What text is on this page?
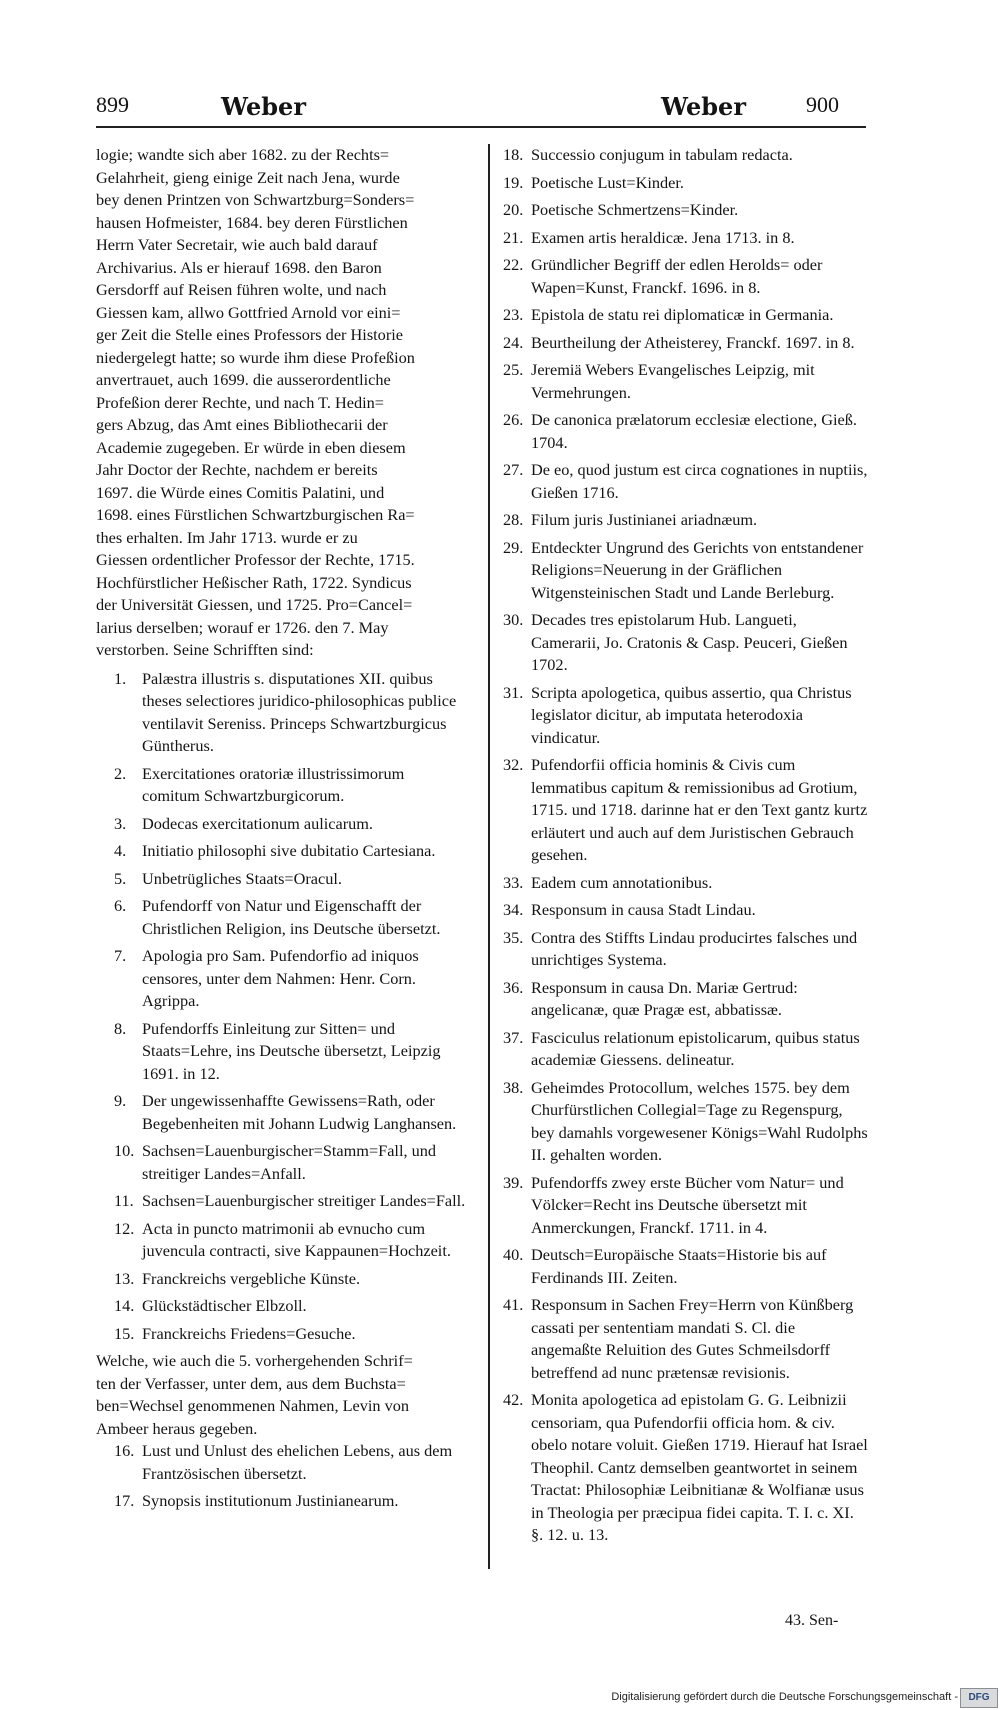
899	Weber	Weber	900
logie; wandte sich aber 1682. zu der Rechts=
Gelahrheit, gieng einige Zeit nach Jena, wurde
bey denen Printzen von Schwartzburg=Sonders=
hausen Hofmeister, 1684. bey deren Fürstlichen
Herrn Vater Secretair, wie auch bald darauf
Archivarius. Als er hierauf 1698. den Baron
Gersdorff auf Reisen führen wolte, und nach
Giessen kam, allwo Gottfried Arnold vor eini=
ger Zeit die Stelle eines Professors der Historie
niedergelegt hatte; so wurde ihm diese Profeßion
anvertrauet, auch 1699. die ausserordentliche
Profeßion derer Rechte, und nach T. Hedin=
gers Abzug, das Amt eines Bibliothecarii der
Academie zugegeben. Er würde in eben diesem
Jahr Doctor der Rechte, nachdem er bereits
1697. die Würde eines Comitis Palatini, und
1698. eines Fürstlichen Schwartzburgischen Ra=
thes erhalten. Im Jahr 1713. wurde er zu
Giessen ordentlicher Professor der Rechte, 1715.
Hochfürstlicher Heßischer Rath, 1722. Syndicus
der Universität Giessen, und 1725. Pro=Cancel=
larius derselben; worauf er 1726. den 7. May
verstorben. Seine Schrifften sind:
1. Palæstra illustris s. disputationes XII. quibus theses selectiores juridico-philosophicas publice ventilavit Sereniss. Princeps Schwartzburgicus Güntherus.
2. Exercitationes oratoriæ illustrissimorum comitum Schwartzburgicorum.
3. Dodecas exercitationum aulicarum.
4. Initiatio philosophi sive dubitatio Cartesiana.
5. Unbetrügliches Staats=Oracul.
6. Pufendorff von Natur und Eigenschafft der Christlichen Religion, ins Deutsche übersetzt.
7. Apologia pro Sam. Pufendorfio ad iniquos censores, unter dem Nahmen: Henr. Corn. Agrippa.
8. Pufendorffs Einleitung zur Sitten= und Staats=Lehre, ins Deutsche übersetzt, Leipzig 1691. in 12.
9. Der ungewissenhaffte Gewissens=Rath, oder Begebenheiten mit Johann Ludwig Langhansen.
10. Sachsen=Lauenburgischer=Stamm=Fall, und streitiger Landes=Anfall.
11. Sachsen=Lauenburgischer streitiger Landes=Fall.
12. Acta in puncto matrimonii ab evnucho cum juvencula contracti, sive Kappaunen=Hochzeit.
13. Franckreichs vergebliche Künste.
14. Glückstädtischer Elbzoll.
15. Franckreichs Friedens=Gesuche.
Welche, wie auch die 5. vorhergehenden Schrif=
ten der Verfasser, unter dem, aus dem Buchsta=
ben=Wechsel genommenen Nahmen, Levin von
Ambeer heraus gegeben.
16. Lust und Unlust des ehelichen Lebens, aus dem Frantzösischen übersetzt.
17. Synopsis institutionum Justinianearum.
18. Successio conjugum in tabulam redacta.
19. Poetische Lust=Kinder.
20. Poetische Schmertzens=Kinder.
21. Examen artis heraldicæ. Jena 1713. in 8.
22. Gründlicher Begriff der edlen Herolds= oder Wapen=Kunst, Franckf. 1696. in 8.
23. Epistola de statu rei diplomaticæ in Germania.
24. Beurtheilung der Atheisterey, Franckf. 1697. in 8.
25. Jeremiä Webers Evangelisches Leipzig, mit Vermehrungen.
26. De canonica prælatorum ecclesiæ electione, Gieß. 1704.
27. De eo, quod justum est circa cognationes in nuptiis, Gießen 1716.
28. Filum juris Justinianei ariadnæum.
29. Entdeckter Ungrund des Gerichts von entstandener Religions=Neuerung in der Gräflichen Witgensteinischen Stadt und Lande Berleburg.
30. Decades tres epistolarum Hub. Langueti, Camerarii, Jo. Cratonis & Casp. Peuceri, Gießen 1702.
31. Scripta apologetica, quibus assertio, qua Christus legislator dicitur, ab imputata heterodoxia vindicatur.
32. Pufendorfii officia hominis & Civis cum lemmatibus capitum & remissionibus ad Grotium, 1715. und 1718. darinne hat er den Text gantz kurtz erläutert und auch auf dem Juristischen Gebrauch gesehen.
33. Eadem cum annotationibus.
34. Responsum in causa Stadt Lindau.
35. Contra des Stiffts Lindau producirtes falsches und unrichtiges Systema.
36. Responsum in causa Dn. Mariæ Gertrud: angelicanæ, quæ Pragæ est, abbatissæ.
37. Fasciculus relationum epistolicarum, quibus status academiæ Giessens. delineatur.
38. Geheimdes Protocollum, welches 1575. bey dem Churfürstlichen Collegial=Tage zu Regenspurg, bey damahls vorgewesener Königs=Wahl Rudolphs II. gehalten worden.
39. Pufendorffs zwey erste Bücher vom Natur= und Völcker=Recht ins Deutsche übersetzt mit Anmerckungen, Franckf. 1711. in 4.
40. Deutsch=Europäische Staats=Historie bis auf Ferdinands III. Zeiten.
41. Responsum in Sachen Frey=Herrn von Künßberg cassati per sententiam mandati S. Cl. die angemaßte Reluition des Gutes Schmeilsdorff betreffend ad nunc prætensæ revisionis.
42. Monita apologetica ad epistolam G. G. Leibnizii censoriam, qua Pufendorfii officia hom. & civ. obelo notare voluit. Gießen 1719. Hierauf hat Israel Theophil. Cantz demselben geantwortet in seinem Tractat: Philosophiæ Leibnitianæ & Wolfianæ usus in Theologia per præcipua fidei capita. T. I. c. XI. §. 12. u. 13.
43. Sen-
Digitalisierung gefördert durch die Deutsche Forschungsgemeinschaft -	DFG
